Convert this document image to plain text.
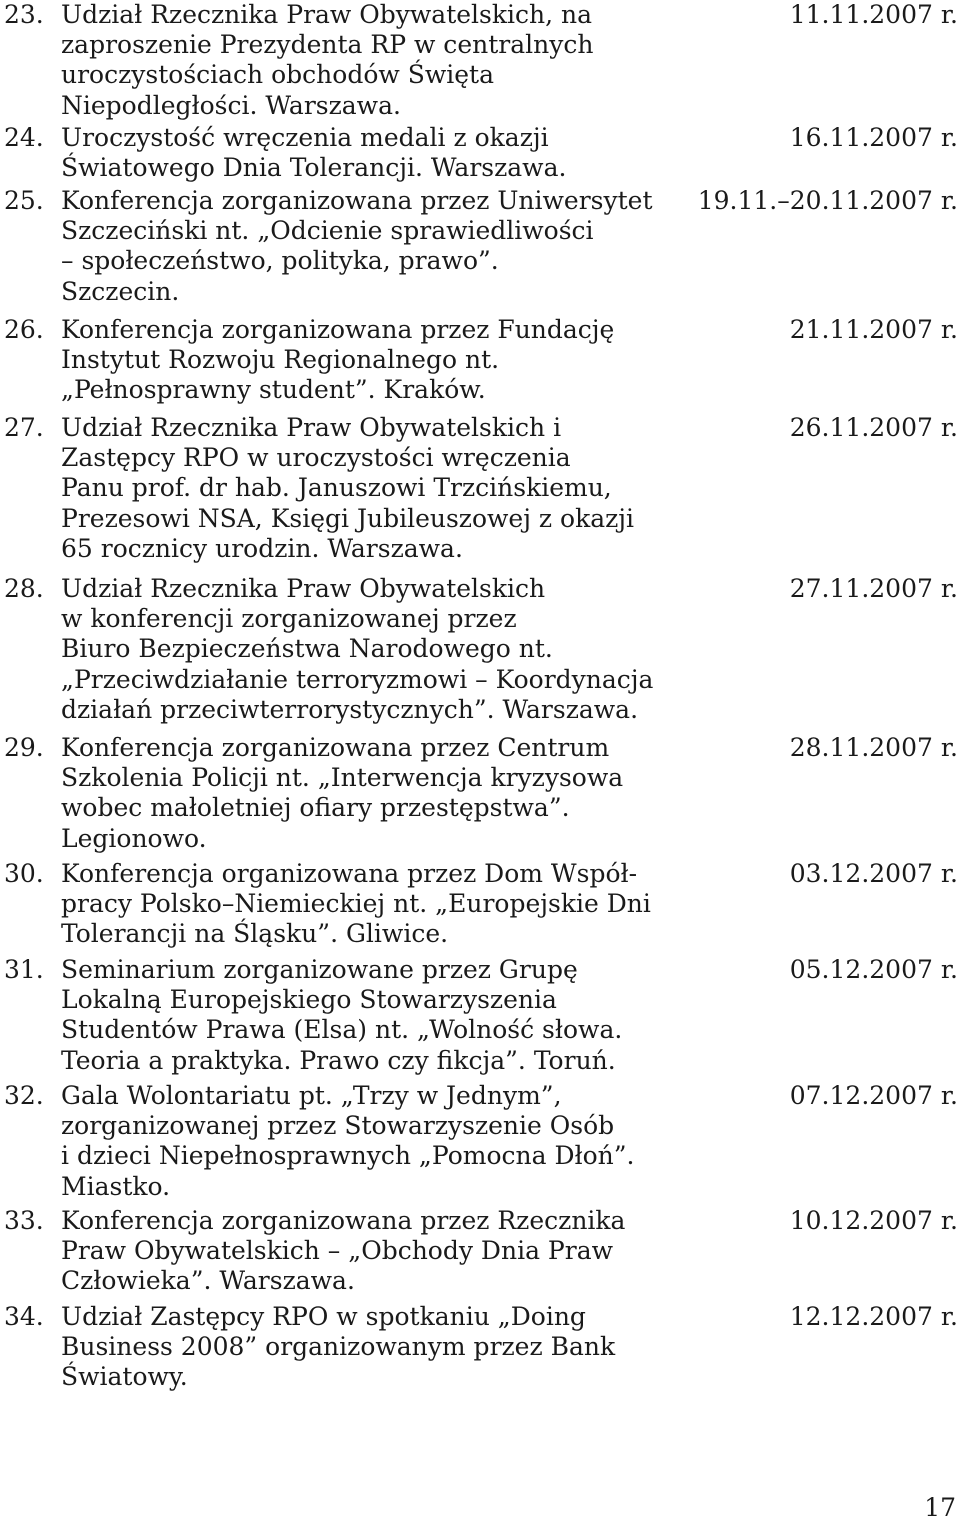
23. Udział Rzecznika Praw Obywatelskich, na
zaproszenie Prezydenta RP w centralnych
uroczystościach obchodów Święta
Niepodległości. Warszawa.
11.11.2007 r.
24. Uroczystość wręczenia medali z okazji
Światowego Dnia Tolerancji. Warszawa.
16.11.2007 r.
25. Konferencja zorganizowana przez Uniwersytet
Szczeciński nt. „Odcienie sprawiedliwości
– społeczeństwo, polityka, prawo”.
Szczecin.
19.11.–20.11.2007 r.
26. Konferencja zorganizowana przez Fundację
Instytut Rozwoju Regionalnego nt.
„Pełnosprawny student”. Kraków.
21.11.2007 r.
27. Udział Rzecznika Praw Obywatelskich i
Zastępcy RPO w uroczystości wręczenia
Panu prof. dr hab. Januszowi Trzcińskiemu,
Prezesowi NSA, Księgi Jubileuszowej z okazji
65 rocznicy urodzin. Warszawa.
26.11.2007 r.
28. Udział Rzecznika Praw Obywatelskich
w konferencji zorganizowanej przez
Biuro Bezpieczeństwa Narodowego nt.
„Przeciwdziałanie terroryzmowi – Koordynacja
działań przeciwterrorystycznych”. Warszawa.
27.11.2007 r.
29. Konferencja zorganizowana przez Centrum
Szkolenia Policji nt. „Interwencja kryzysowa
wobec małoletniej ofiary przestępstwa”.
Legionowo.
28.11.2007 r.
30. Konferencja organizowana przez Dom Współ-
pracy Polsko–Niemieckiej nt. „Europejskie Dni
Tolerancji na Śląsku”. Gliwice.
03.12.2007 r.
31. Seminarium zorganizowane przez Grupę
Lokalną Europejskiego Stowarzyszenia
Studentów Prawa (Elsa) nt. „Wolność słowa.
Teoria a praktyka. Prawo czy fikcja”. Toruń.
05.12.2007 r.
32. Gala Wolontariatu pt. „Trzy w Jednym”,
zorganizowanej przez Stowarzyszenie Osób
i dzieci Niepełnosprawnych „Pomocna Dłoń”.
Miastko.
07.12.2007 r.
33. Konferencja zorganizowana przez Rzecznika
Praw Obywatelskich – „Obchody Dnia Praw
Człowieka”. Warszawa.
10.12.2007 r.
34. Udział Zastępcy RPO w spotkaniu „Doing
Business 2008” organizowanym przez Bank
Światowy.
12.12.2007 r.
17
